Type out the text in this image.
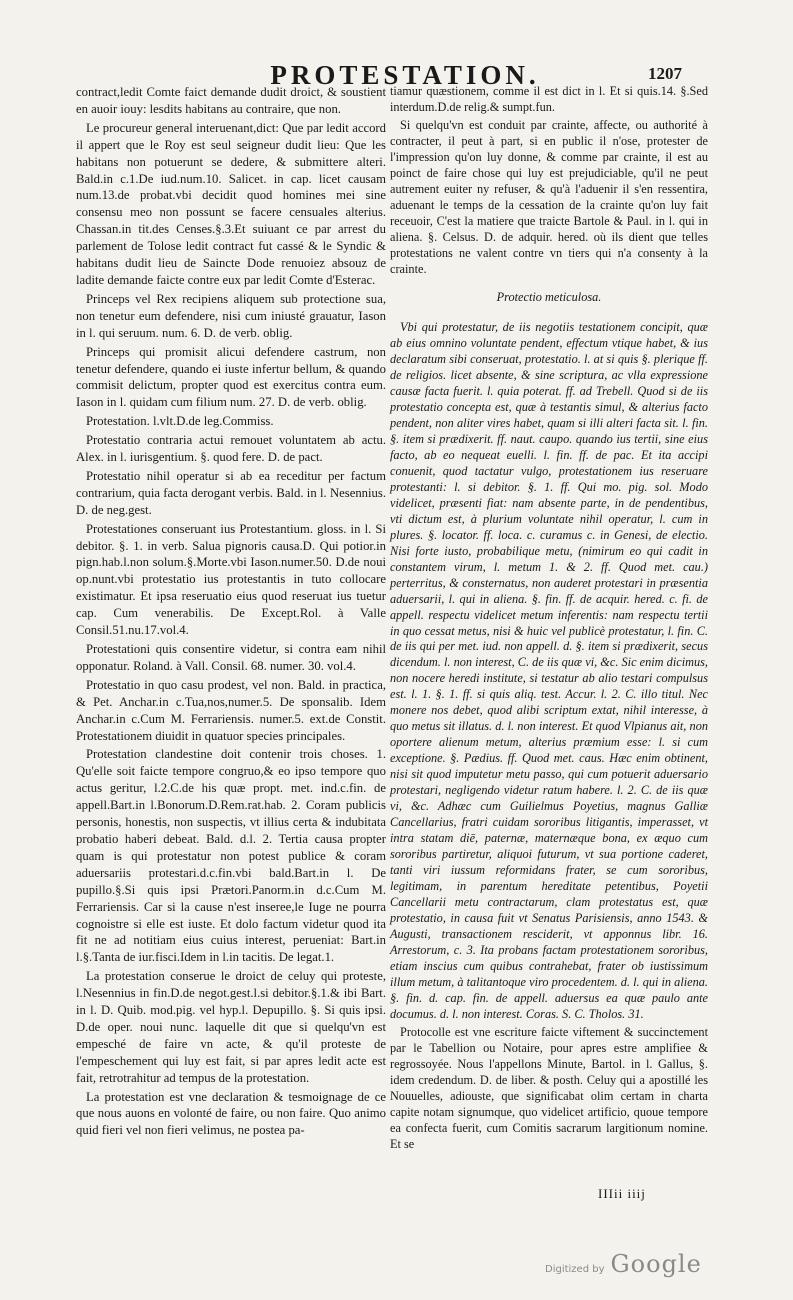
PROTESTATION.	1207

contract,ledit Comte faict demande dudit droict, & soustient en auoir iouy: lesdits habitans au contraire, que non.

Le procureur general interuenant,dict: Que par ledit accord il appert que le Roy est seul seigneur dudit lieu: Que les habitans non potuerunt se dedere, & submittere alteri. Bald.in c.1.De iud.num.10. Salicet. in cap. licet causam num.13.de probat.vbi decidit quod homines mei sine consensu meo non possunt se facere censuales alterius. Chassan.in tit.des Censes.§.3.Et suiuant ce par arrest du parlement de Tolose ledit contract fut cassé & le Syndic & habitans dudit lieu de Saincte Dode renuoiez absouz de ladite demande faicte contre eux par ledit Comte d'Esterac.

Princeps vel Rex recipiens aliquem sub protectione sua, non tenetur eum defendere, nisi cum iniusté grauatur, Iason in l. qui seruum. num. 6. D. de verb. oblig.

Princeps qui promisit alicui defendere castrum, non tenetur defendere, quando ei iuste infertur bellum, & quando commisit delictum, propter quod est exercitus contra eum. Iason in l. quidam cum filium num. 27. D. de verb. oblig.

Protestation. l.vlt.D.de leg.Commiss.

Protestatio contraria actui remouet voluntatem ab actu. Alex. in l. iurisgentium. §. quod fere. D. de pact.

Protestatio nihil operatur si ab ea receditur per factum contrarium, quia facta derogant verbis. Bald. in l. Nesennius. D. de neg.gest.

Protestationes conseruant ius Protestantium. gloss. in l. Si debitor. §. 1. in verb. Salua pignoris causa.D. Qui potior.in pign.hab.l.non solum.§.Morte.vbi Iason.numer.50. D.de noui op.nunt.vbi protestatio ius protestantis in tuto collocare existimatur. Et ipsa reseruatio eius quod reseruat ius tuetur cap. Cum venerabilis. De Except.Rol. à Valle Consil.51.nu.17.vol.4.

Protestationi quis consentire videtur, si contra eam nihil opponatur. Roland. à Vall. Consil. 68. numer. 30. vol.4.

Protestatio in quo casu prodest, vel non. Bald. in practica, & Pet. Anchar.in c.Tua,nos,numer.5. De sponsalib. Idem Anchar.in c.Cum M. Ferrariensis. numer.5. ext.de Constit. Protestationem diuidit in quatuor species principales.

Protestation clandestine doit contenir trois choses. 1. Qu'elle soit faicte tempore congruo,& eo ipso tempore quo actus geritur, l.2.C.de his quæ propt. met. ind.c.fin. de appell.Bart.in l.Bonorum.D.Rem.rat.hab. 2. Coram publicis personis, honestis, non suspectis, vt illius certa & indubitata probatio haberi debeat. Bald. d.l. 2. Tertia causa propter quam is qui protestatur non potest publice & coram aduersariis protestari.d.c.fin.vbi bald.Bart.in l. De pupillo.§.Si quis ipsi Prætori.Panorm.in d.c.Cum M. Ferrariensis. Car si la cause n'est inseree,le Iuge ne pourra cognoistre si elle est iuste. Et dolo factum videtur quod ita fit ne ad notitiam eius cuius interest, perueniat: Bart.in l.§.Tanta de iur.fisci.Idem in l.in tacitis. De legat.1.

La protestation conserue le droict de celuy qui proteste, l.Nesennius in fin.D.de negot.gest.l.si debitor.§.1.& ibi Bart. in l. D. Quib. mod.pig. vel hyp.l. Depupillo. §. Si quis ipsi. D.de oper. noui nunc. laquelle dit que si quelqu'vn est empesché de faire vn acte, & qu'il proteste de l'empeschement qui luy est fait, si par apres ledit acte est fait, retrotrahitur ad tempus de la protestation.

La protestation est vne declaration & tesmoignage de ce que nous auons en volonté de faire, ou non faire. Quo animo quid fieri vel non fieri velimus, ne postea pa-

tiamur quæstionem, comme il est dict in l. Et si quis.14. §.Sed interdum.D.de relig.& sumpt.fun.

Si quelqu'vn est conduit par crainte, affecte, ou authorité à contracter, il peut à part, si en public il n'ose, protester de l'impression qu'on luy donne, & comme par crainte, il est au poinct de faire chose qui luy est prejudiciable, qu'il ne peut autrement euiter ny refuser, & qu'à l'aduenir il s'en ressentira, aduenant le temps de la cessation de la crainte qu'on luy fait receuoir, C'est la matiere que traicte Bartole & Paul. in l. qui in aliena. §. Celsus. D. de adquir. hered. où ils dient que telles protestations ne valent contre vn tiers qui n'a consenty à la crainte.

Protectio meticulosa.

Vbi qui protestatur, de iis negotiis testationem concipit, quæ ab eius omnino voluntate pendent, effectum vtique habet, & ius declaratum sibi conseruat, protestatio. l. at si quis §. plerique ff. de religios. licet absente, & sine scriptura, ac vlla expressione causæ facta fuerit. l. quia poterat. ff. ad Trebell. Quod si de iis protestatio concepta est, quæ à testantis simul, & alterius facto pendent, non aliter vires habet, quam si illi alteri facta sit. l. fin. §. item si prædixerit. ff. naut. caupo. quando ius tertii, sine eius facto, ab eo nequeat euelli. l. fin. ff. de pac. Et ita accipi conuenit, quod tactatur vulgo, protestationem ius reseruare protestanti: l. si debitor. §. 1. ff. Qui mo. pig. sol. Modo videlicet, præsenti fiat: nam absente parte, in de pendentibus, vti dictum est, à plurium voluntate nihil operatur, l. cum in plures. §. locator. ff. loca. c. curamus c. in Genesi, de electio. Nisi forte iusto, probabilique metu, (nimirum eo qui cadit in constantem virum, l. metum 1. & 2. ff. Quod met. cau.) perterritus, & consternatus, non auderet protestari in præsentia aduersarii, l. qui in aliena. §. fin. ff. de acquir. hered. c. fi. de appell. respectu videlicet metum inferentis: nam respectu tertii in quo cessat metus, nisi & huic vel publicè protestatur, l. fin. C. de iis qui per met. iud. non appell. d. §. item si prædixerit, secus dicendum. l. non interest, C. de iis quæ vi, &c. Sic enim dicimus, non nocere heredi institute, si testatur ab alio testari compulsus est. l. 1. §. 1. ff. si quis aliq. test. Accur. l. 2. C. illo titul. Nec monere nos debet, quod alibi scriptum extat, nihil interesse, à quo metus sit illatus. d. l. non interest. Et quod Vlpianus ait, non oportere alienum metum, alterius præmium esse: l. si cum exceptione. §. Pædius. ff. Quod met. caus. Hæc enim obtinent, nisi sit quod imputetur metu passo, qui cum potuerit aduersario protestari, negligendo videtur ratum habere. l. 2. C. de iis quæ vi, &c. Adhæc cum Guilielmus Poyetius, magnus Galliæ Cancellarius, fratri cuidam sororibus litigantis, imperasset, vt intra statam diē, paternæ, maternæque bona, ex æquo cum sororibus partiretur, aliquoi futurum, vt sua portione caderet, tanti viri iussum reformidans frater, se cum sororibus, legitimam, in parentum hereditate petentibus, Poyetii Cancellarii metu contractarum, clam protestatus est, quæ protestatio, in causa fuit vt Senatus Parisiensis, anno 1543. & Augusti, transactionem resciderit, vt apponnus libr. 16. Arrestorum, c. 3. Ita probans factam protestationem sororibus, etiam inscius cum quibus contrahebat, frater ob iustissimum illum metum, à talitantoque viro procedentem. d. l. qui in aliena. §. fin. d. cap. fin. de appell. aduersus ea quæ paulo ante documus. d. l. non interest. Coras. S. C. Tholos. 31.

Protocolle est vne escriture faicte viftement & succinctement par le Tabellion ou Notaire, pour apres estre amplifiee & regrossoyée. Nous l'appellons Minute, Bartol. in l. Gallus, §. idem credendum. D. de liber. & posth. Celuy qui a apostillé les Nouuelles, adiouste, que significabat olim certam in charta capite notam signumque, quo videlicet artificio, quoue tempore ea confecta fuerit, cum Comitis sacrarum largitionum nomine. Et se

IIIii iiij
Digitized by Google
